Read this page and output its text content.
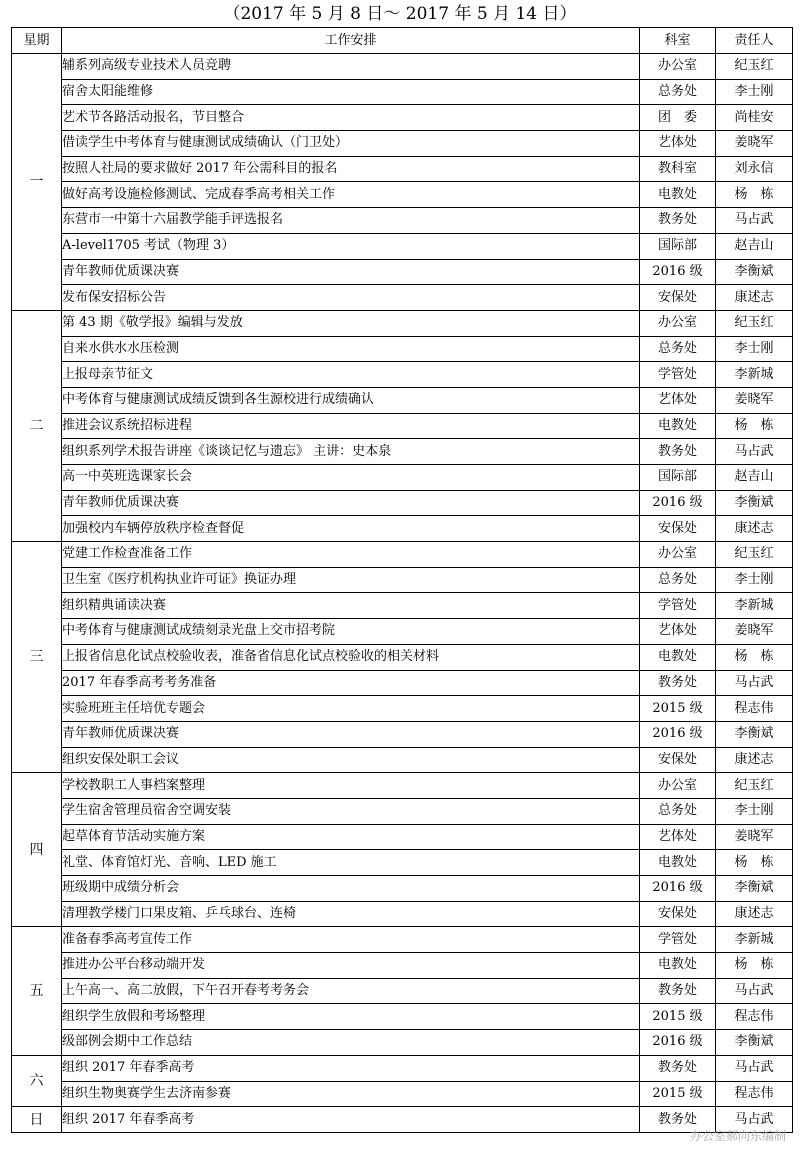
（2017 年 5 月 8 日～ 2017 年 5 月 14 日）
星期	工作安排	科室	责任人
一	辅系列高级专业技术人员竞聘	办公室	纪玉红
	宿舍太阳能维修	总务处	李士刚
	艺术节各路活动报名，节目整合	团　委	尚桂安
	借读学生中考体育与健康测试成绩确认（门卫处）	艺体处	姜晓军
	按照人社局的要求做好 2017 年公需科目的报名	教科室	刘永信
	做好高考设施检修测试、完成春季高考相关工作	电教处	杨　栋
	东营市一中第十六届教学能手评选报名	教务处	马占武
	A-level1705 考试（物理 3）	国际部	赵吉山
	青年教师优质课决赛	2016 级	李衡斌
	发布保安招标公告	安保处	康述志
二	第 43 期《敬学报》编辑与发放	办公室	纪玉红
	自来水供水水压检测	总务处	李士刚
	上报母亲节征文	学管处	李新城
	中考体育与健康测试成绩反馈到各生源校进行成绩确认	艺体处	姜晓军
	推进会议系统招标进程	电教处	杨　栋
	组织系列学术报告讲座《谈谈记忆与遗忘》 主讲：史本泉	教务处	马占武
	高一中英班选课家长会	国际部	赵吉山
	青年教师优质课决赛	2016 级	李衡斌
	加强校内车辆停放秩序检查督促	安保处	康述志
三	党建工作检查准备工作	办公室	纪玉红
	卫生室《医疗机构执业许可证》换证办理	总务处	李士刚
	组织精典诵读决赛	学管处	李新城
	中考体育与健康测试成绩刻录光盘上交市招考院	艺体处	姜晓军
	上报省信息化试点校验收表，准备省信息化试点校验收的相关材料	电教处	杨　栋
	2017 年春季高考考务准备	教务处	马占武
	实验班班主任培优专题会	2015 级	程志伟
	青年教师优质课决赛	2016 级	李衡斌
	组织安保处职工会议	安保处	康述志
四	学校教职工人事档案整理	办公室	纪玉红
	学生宿舍管理员宿舍空调安装	总务处	李士刚
	起草体育节活动实施方案	艺体处	姜晓军
	礼堂、体育馆灯光、音响、LED 施工	电教处	杨　栋
	班级期中成绩分析会	2016 级	李衡斌
	清理教学楼门口果皮箱、乒乓球台、连椅	安保处	康述志
五	准备春季高考宣传工作	学管处	李新城
	推进办公平台移动端开发	电教处	杨　栋
	上午高一、高二放假，下午召开春考考务会	教务处	马占武
	组织学生放假和考场整理	2015 级	程志伟
	级部例会期中工作总结	2016 级	李衡斌
六	组织 2017 年春季高考	教务处	马占武
	组织生物奥赛学生去济南参赛	2015 级	程志伟
日	组织 2017 年春季高考	教务处	马占武
办公室郝向东编制
